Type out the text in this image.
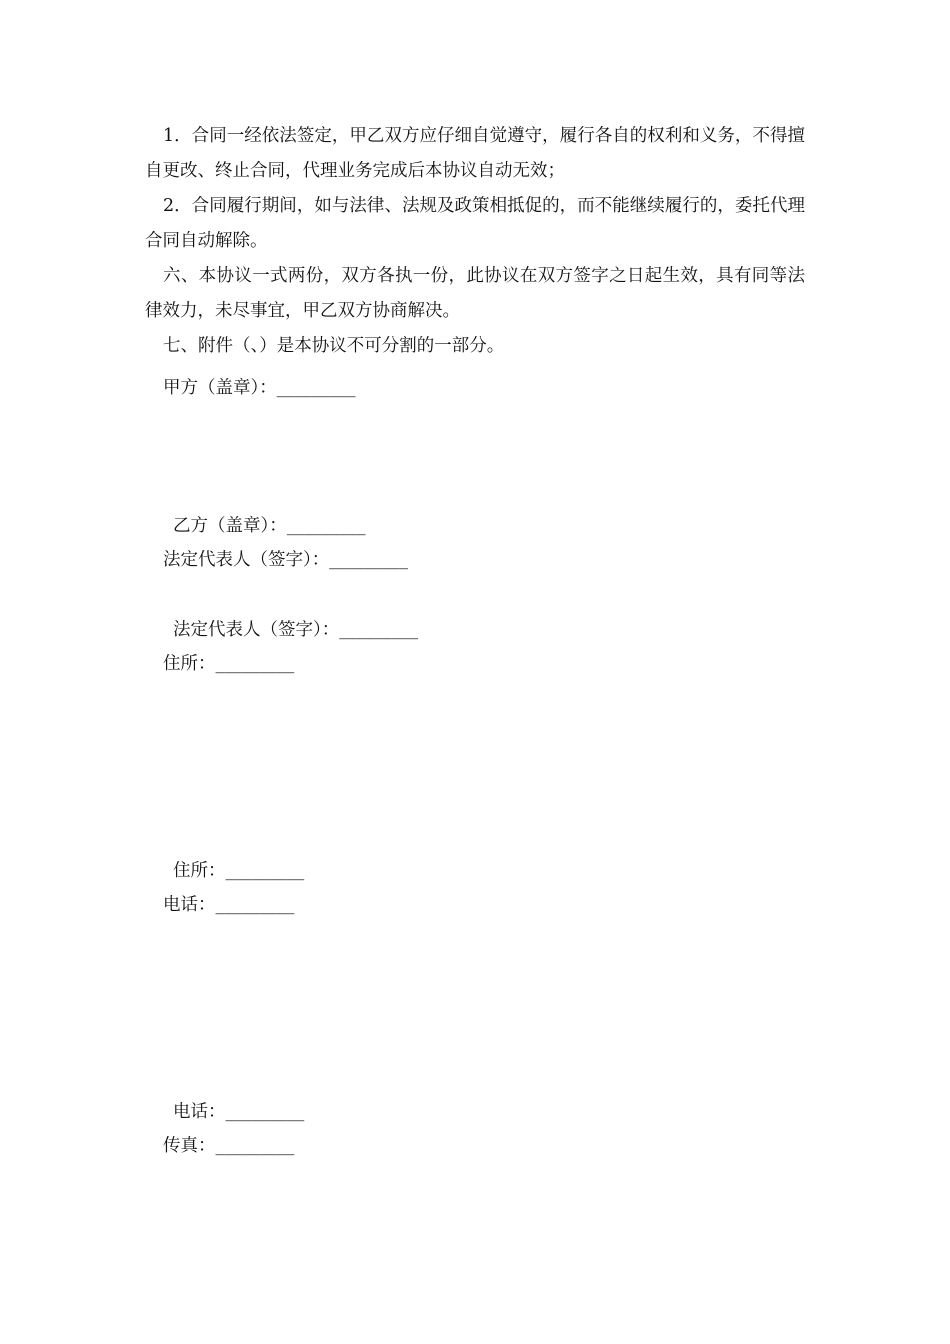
1．合同一经依法签定，甲乙双方应仔细自觉遵守，履行各自的权利和义务，不得擅自更改、终止合同，代理业务完成后本协议自动无效；

2．合同履行期间，如与法律、法规及政策相抵促的，而不能继续履行的，委托代理合同自动解除。

六、本协议一式两份，双方各执一份，此协议在双方签字之日起生效，具有同等法律效力，未尽事宜，甲乙双方协商解决。

七、附件（、）是本协议不可分割的一部分。

甲方（盖章）：_________
乙方（盖章）：_________
法定代表人（签字）：_________
法定代表人（签字）：_________
住所：_________
住所：_________
电话：_________
电话：_________
传真：_________
